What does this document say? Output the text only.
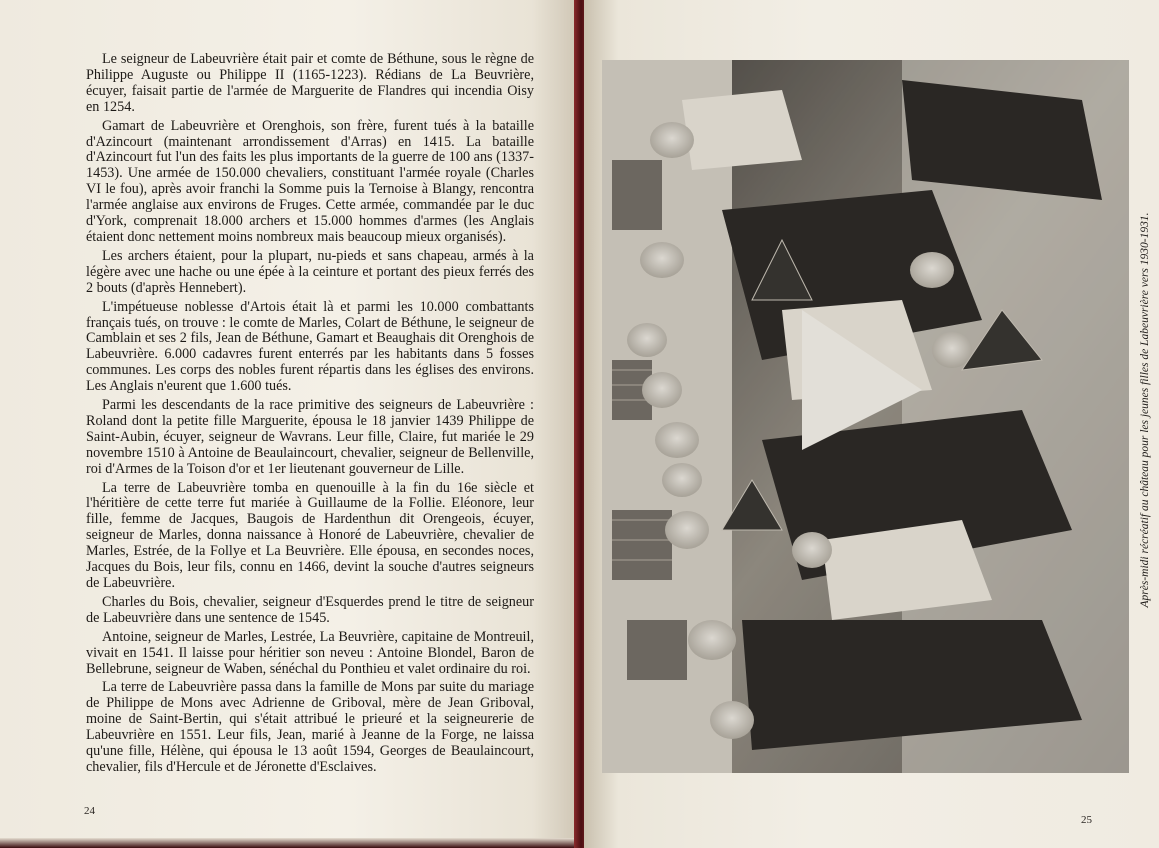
Le seigneur de Labeuvrière était pair et comte de Béthune, sous le règne de Philippe Auguste ou Philippe II (1165-1223). Rédians de La Beuvrière, écuyer, faisait partie de l'armée de Marguerite de Flandres qui incendia Oisy en 1254.

Gamart de Labeuvrière et Orenghois, son frère, furent tués à la bataille d'Azincourt (maintenant arrondissement d'Arras) en 1415. La bataille d'Azincourt fut l'un des faits les plus importants de la guerre de 100 ans (1337-1453). Une armée de 150.000 chevaliers, constituant l'armée royale (Charles VI le fou), après avoir franchi la Somme puis la Ternoise à Blangy, rencontra l'armée anglaise aux environs de Fruges. Cette armée, commandée par le duc d'York, comprenait 18.000 archers et 15.000 hommes d'armes (les Anglais étaient donc nettement moins nombreux mais beaucoup mieux organisés).

Les archers étaient, pour la plupart, nu-pieds et sans chapeau, armés à la légère avec une hache ou une épée à la ceinture et portant des pieux ferrés des 2 bouts (d'après Hennebert).

L'impétueuse noblesse d'Artois était là et parmi les 10.000 combattants français tués, on trouve : le comte de Marles, Colart de Béthune, le seigneur de Camblain et ses 2 fils, Jean de Béthune, Gamart et Beaughais dit Orenghois de Labeuvrière. 6.000 cadavres furent enterrés par les habitants dans 5 fosses communes. Les corps des nobles furent répartis dans les églises des environs. Les Anglais n'eurent que 1.600 tués.

Parmi les descendants de la race primitive des seigneurs de Labeuvrière : Roland dont la petite fille Marguerite, épousa le 18 janvier 1439 Philippe de Saint-Aubin, écuyer, seigneur de Wavrans. Leur fille, Claire, fut mariée le 29 novembre 1510 à Antoine de Beaulaincourt, chevalier, seigneur de Bellenville, roi d'Armes de la Toison d'or et 1er lieutenant gouverneur de Lille.

La terre de Labeuvrière tomba en quenouille à la fin du 16e siècle et l'héritière de cette terre fut mariée à Guillaume de la Follie. Eléonore, leur fille, femme de Jacques, Baugois de Hardenthun dit Orengeois, écuyer, seigneur de Marles, donna naissance à Honoré de Labeuvrière, chevalier de Marles, Estrée, de la Follye et La Beuvrière. Elle épousa, en secondes noces, Jacques du Bois, leur fils, connu en 1466, devint la souche d'autres seigneurs de Labeuvrière.

Charles du Bois, chevalier, seigneur d'Esquerdes prend le titre de seigneur de Labeuvrière dans une sentence de 1545.

Antoine, seigneur de Marles, Lestrée, La Beuvrière, capitaine de Montreuil, vivait en 1541. Il laisse pour héritier son neveu : Antoine Blondel, Baron de Bellebrune, seigneur de Waben, sénéchal du Ponthieu et valet ordinaire du roi.

La terre de Labeuvrière passa dans la famille de Mons par suite du mariage de Philippe de Mons avec Adrienne de Griboval, mère de Jean Griboval, moine de Saint-Bertin, qui s'était attribué le prieuré et la seigneurerie de Labeuvrière en 1551. Leur fils, Jean, marié à Jeanne de la Forge, ne laissa qu'une fille, Hélène, qui épousa le 13 août 1594, Georges de Beaulaincourt, chevalier, fils d'Hercule et de Jéronette d'Esclaives.

24
Après-midi récréatif au château pour les jeunes filles de Labeuvrière vers 1930-1931.
25
